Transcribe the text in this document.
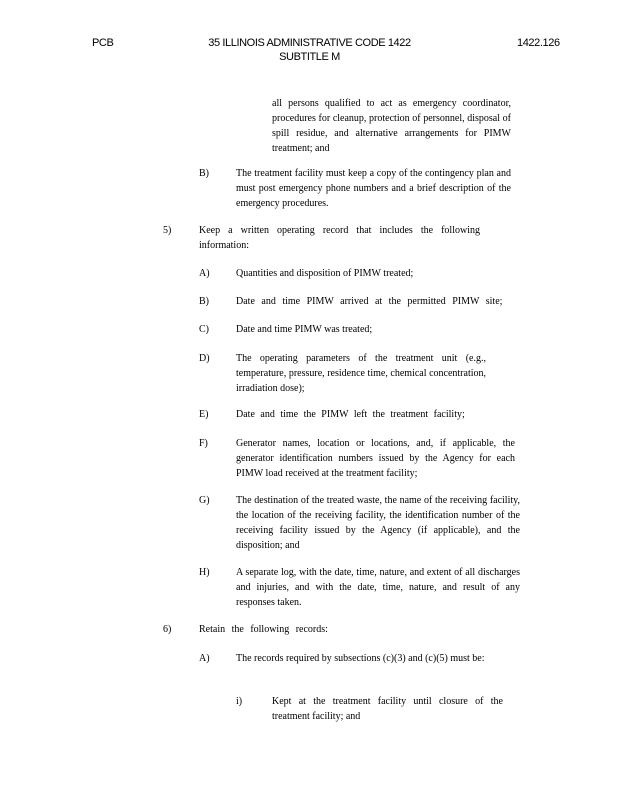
PCB	35 ILLINOIS ADMINISTRATIVE CODE 1422
SUBTITLE M
1422.126
all persons qualified to act as emergency coordinator, procedures for cleanup, protection of personnel, disposal of spill residue, and alternative arrangements for PIMW treatment; and
B)	The treatment facility must keep a copy of the contingency plan and must post emergency phone numbers and a brief description of the emergency procedures.
5)	Keep a written operating record that includes the following information:
A)	Quantities and disposition of PIMW treated;
B)	Date and time PIMW arrived at the permitted PIMW site;
C)	Date and time PIMW was treated;
D)	The operating parameters of the treatment unit (e.g., temperature, pressure, residence time, chemical concentration, irradiation dose);
E)	Date and time the PIMW left the treatment facility;
F)	Generator names, location or locations, and, if applicable, the generator identification numbers issued by the Agency for each PIMW load received at the treatment facility;
G)	The destination of the treated waste, the name of the receiving facility, the location of the receiving facility, the identification number of the receiving facility issued by the Agency (if applicable), and the disposition; and
H)	A separate log, with the date, time, nature, and extent of all discharges and injuries, and with the date, time, nature, and result of any responses taken.
6)	Retain the following records:
A)	The records required by subsections (c)(3) and (c)(5) must be:
i)	Kept at the treatment facility until closure of the treatment facility; and
